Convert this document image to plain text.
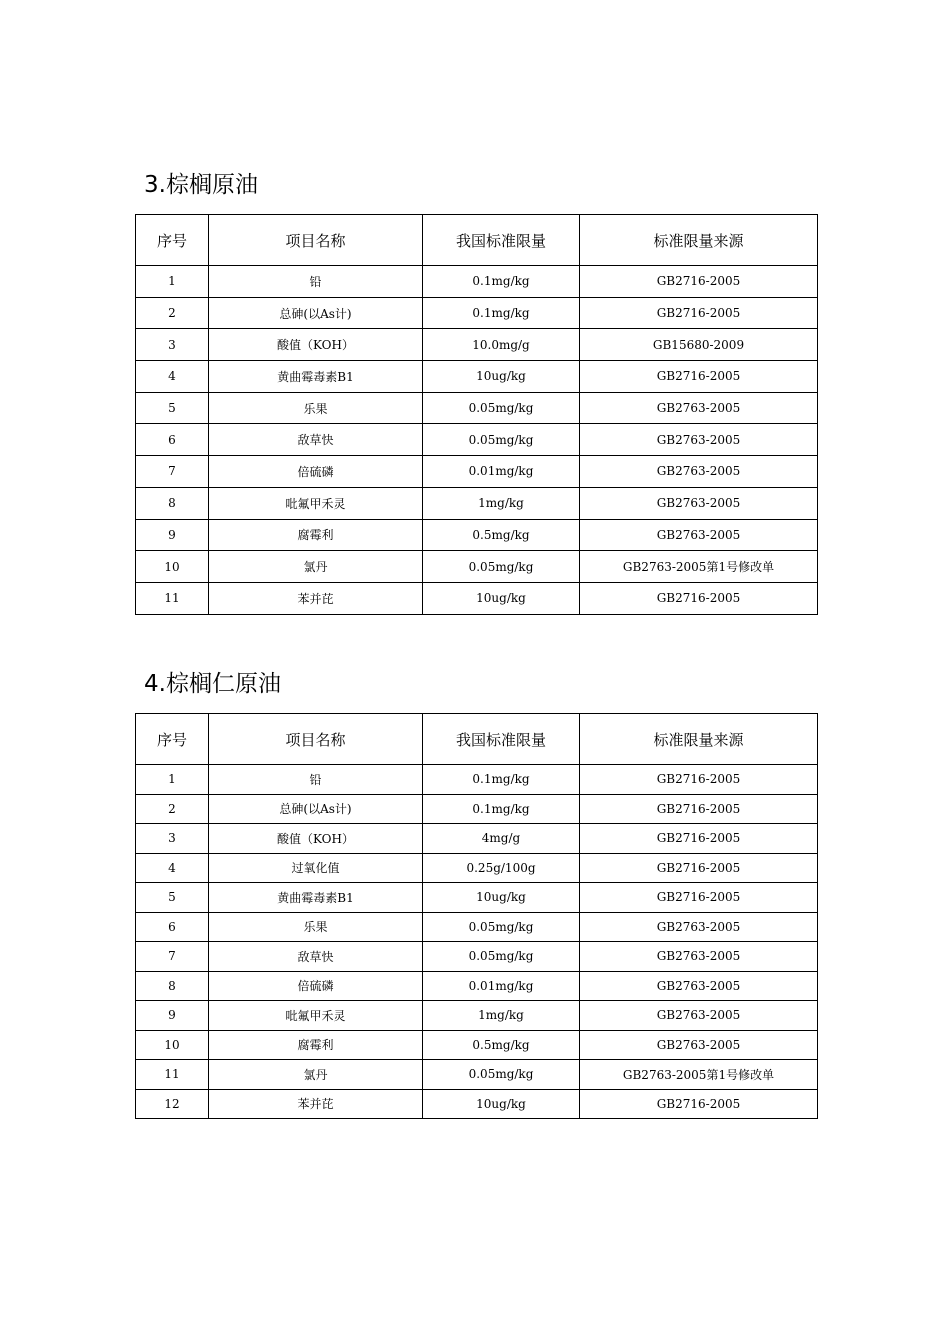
3.棕榈原油
序号	项目名称	我国标准限量	标准限量来源
1	铅	0.1mg/kg	GB2716-2005
2	总砷(以As计)	0.1mg/kg	GB2716-2005
3	酸值（KOH）	10.0mg/g	GB15680-2009
4	黄曲霉毒素B1	10ug/kg	GB2716-2005
5	乐果	0.05mg/kg	GB2763-2005
6	敌草快	0.05mg/kg	GB2763-2005
7	倍硫磷	0.01mg/kg	GB2763-2005
8	吡氟甲禾灵	1mg/kg	GB2763-2005
9	腐霉利	0.5mg/kg	GB2763-2005
10	氯丹	0.05mg/kg	GB2763-2005第1号修改单
11	苯并芘	10ug/kg	GB2716-2005
4.棕榈仁原油
序号	项目名称	我国标准限量	标准限量来源
1	铅	0.1mg/kg	GB2716-2005
2	总砷(以As计)	0.1mg/kg	GB2716-2005
3	酸值（KOH）	4mg/g	GB2716-2005
4	过氧化值	0.25g/100g	GB2716-2005
5	黄曲霉毒素B1	10ug/kg	GB2716-2005
6	乐果	0.05mg/kg	GB2763-2005
7	敌草快	0.05mg/kg	GB2763-2005
8	倍硫磷	0.01mg/kg	GB2763-2005
9	吡氟甲禾灵	1mg/kg	GB2763-2005
10	腐霉利	0.5mg/kg	GB2763-2005
11	氯丹	0.05mg/kg	GB2763-2005第1号修改单
12	苯并芘	10ug/kg	GB2716-2005
